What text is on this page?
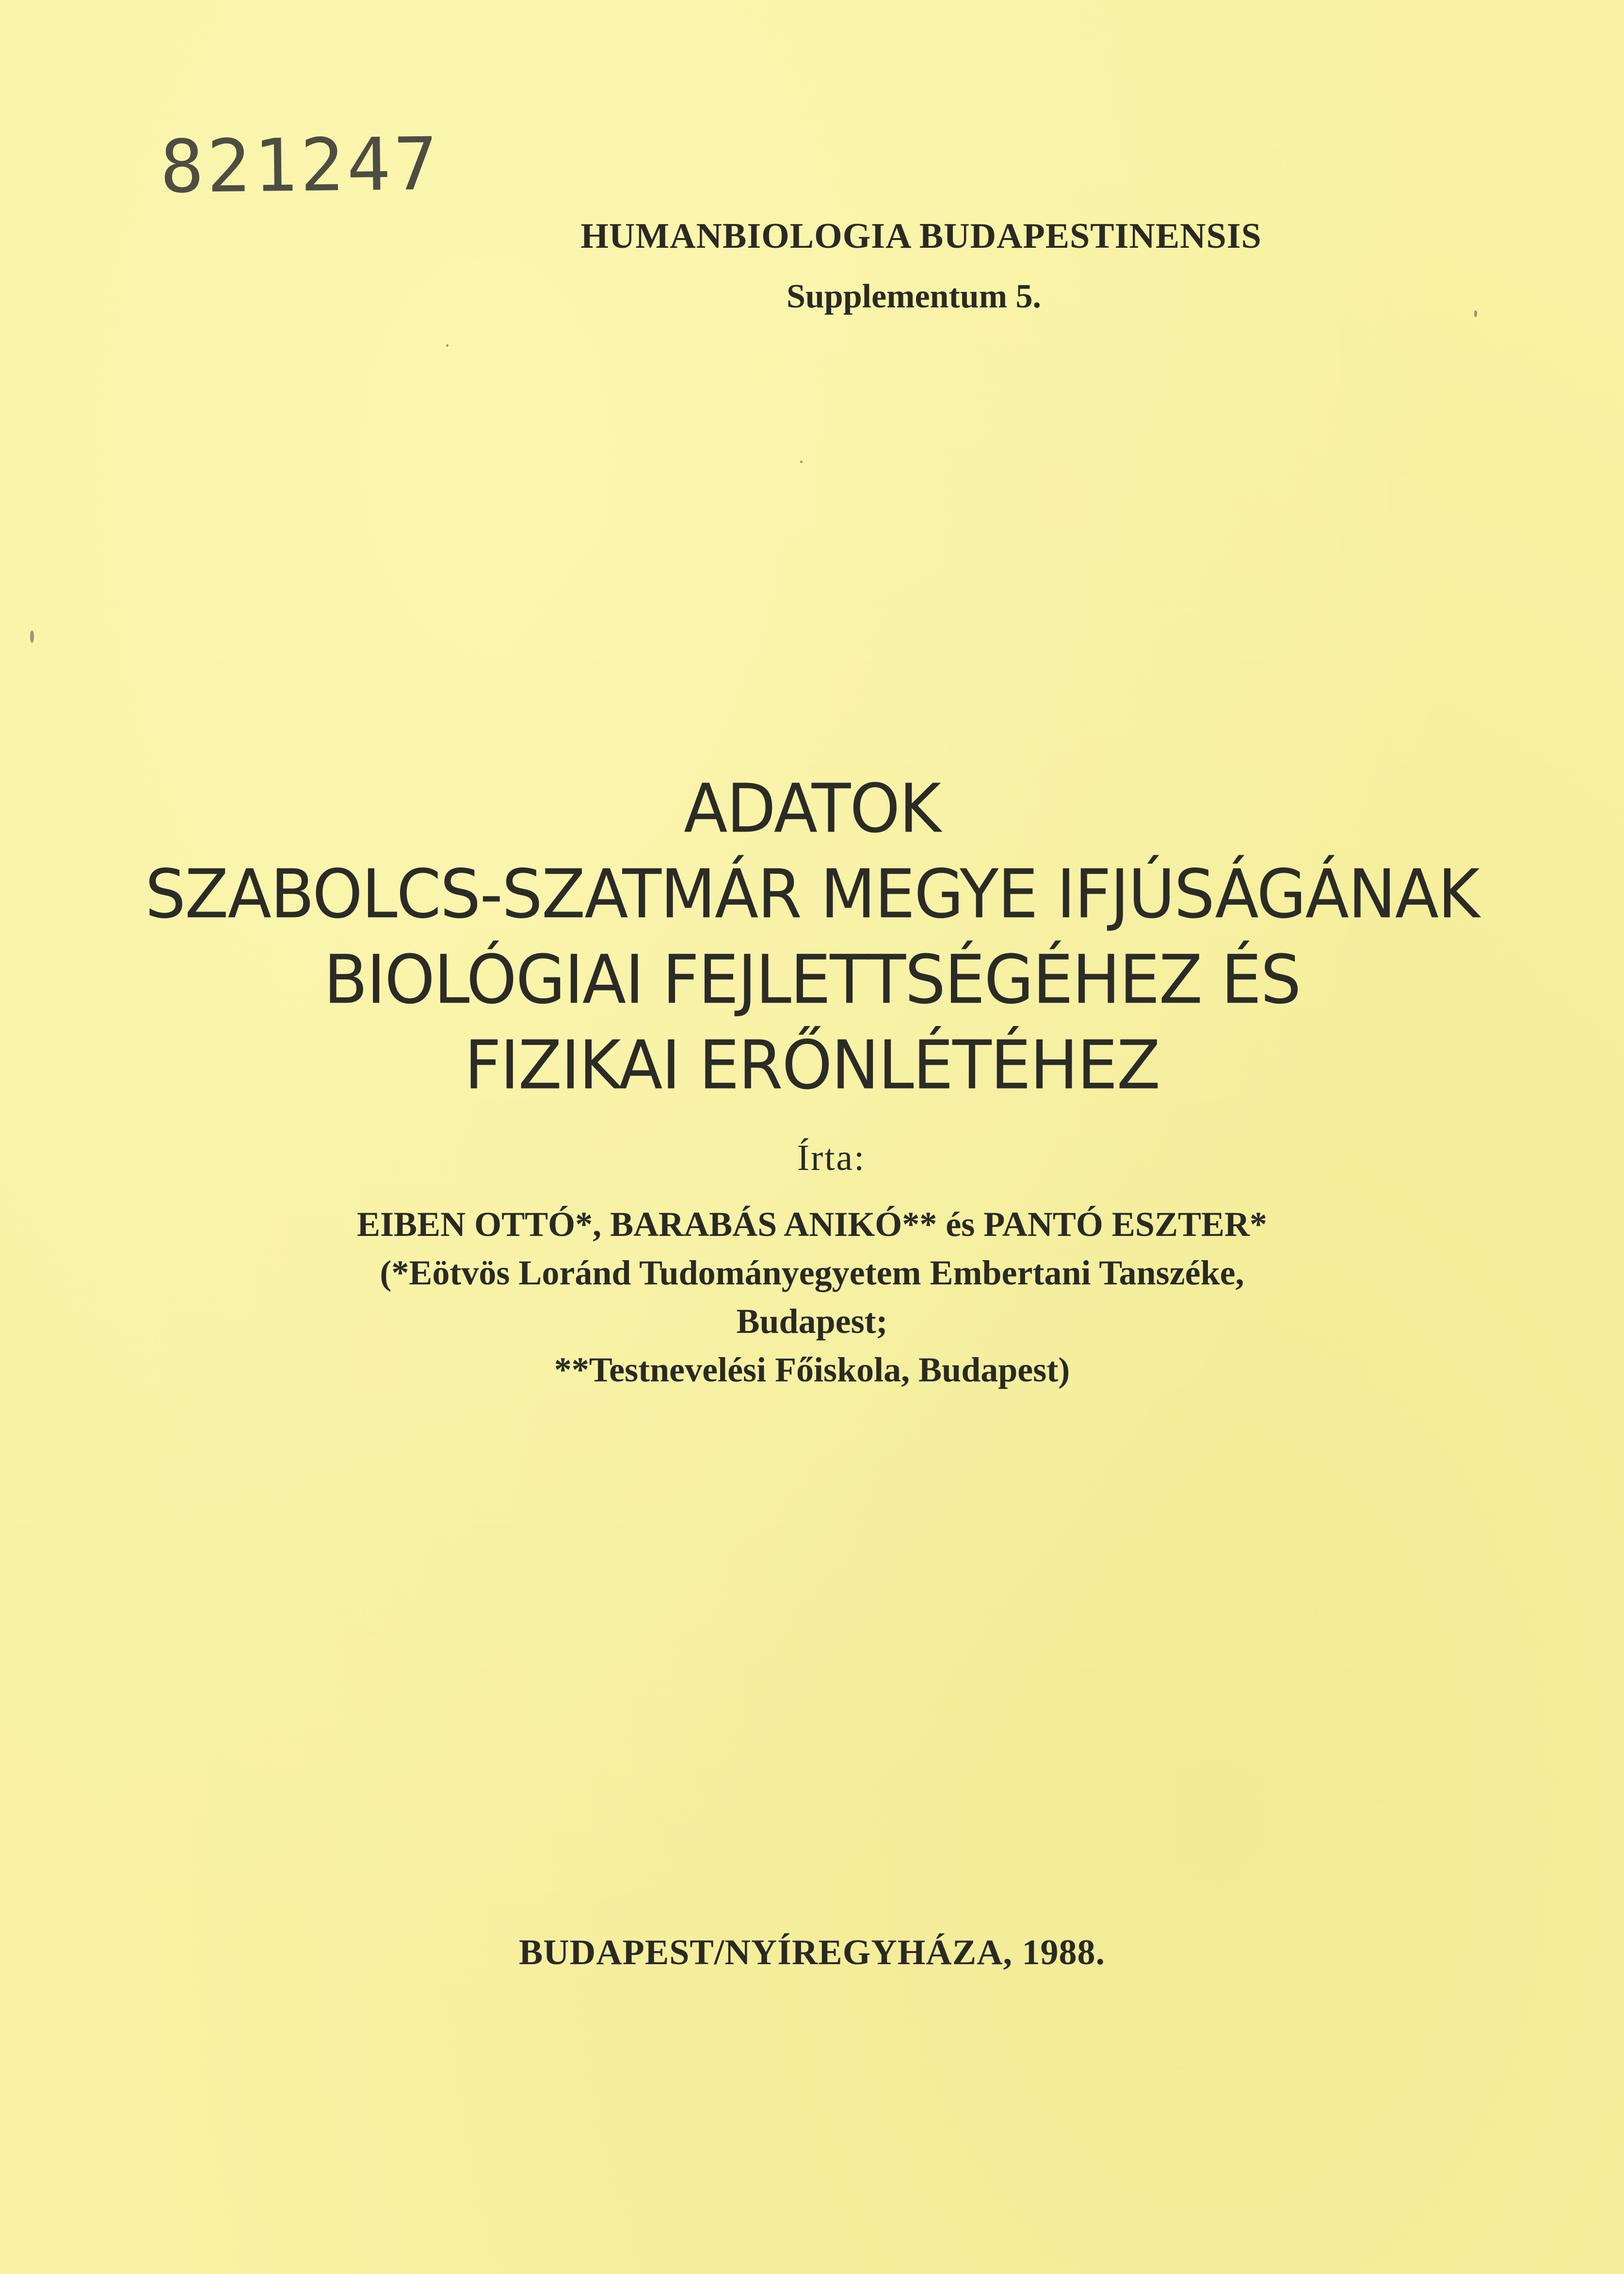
821247
HUMANBIOLOGIA BUDAPESTINENSIS
Supplementum 5.
ADATOK
SZABOLCS-SZATMÁR MEGYE IFJÚSÁGÁNAK
BIOLÓGIAI FEJLETTSÉGÉHEZ ÉS
FIZIKAI ERŐNLÉTÉHEZ
Írta:
EIBEN OTTÓ*, BARABÁS ANIKÓ** és PANTÓ ESZTER*
(*Eötvös Loránd Tudományegyetem Embertani Tanszéke,
Budapest;
**Testnevelési Főiskola, Budapest)
BUDAPEST/NYÍREGYHÁZA, 1988.
